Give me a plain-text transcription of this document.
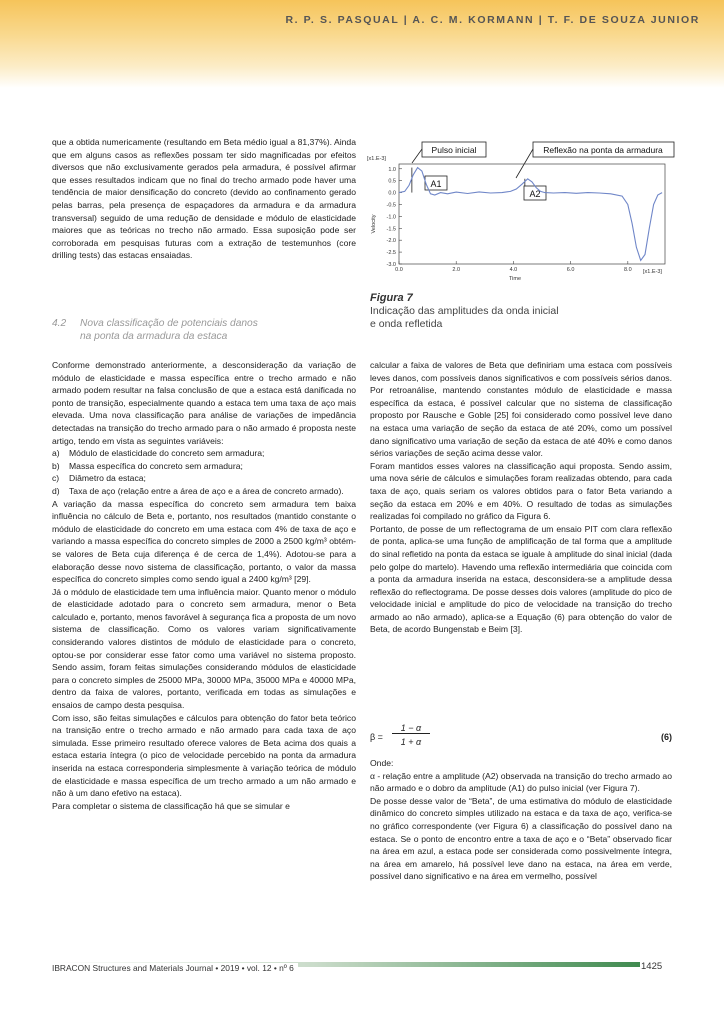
R. P. S. PASQUAL | A. C. M. KORMANN | T. F. DE SOUZA JUNIOR

que a obtida numericamente (resultando em Beta médio igual a 81,37%). Ainda que em alguns casos as reflexões possam ter sido magnificadas por efeitos diversos que não exclusivamente gerados pela armadura, é possível afirmar que esses resultados indicam que no final do trecho armado pode haver uma tendência de maior densificação do concreto (devido ao confinamento gerado pelas barras, pela presença de espaçadores da armadura e da armadura transversal) seguido de uma redução de densidade e módulo de elasticidade maiores que as teóricas no trecho não armado. Essa suposição pode ser corroborada em pesquisas futuras com a extração de testemunhos (core drilling tests) das estacas ensaiadas.

4.2 Nova classificação de potenciais danos
na ponta da armadura da estaca

Conforme demonstrado anteriormente, a desconsideração da variação de módulo de elasticidade e massa específica entre o trecho armado e não armado podem resultar na falsa conclusão de que a estaca está danificada no ponto de transição, especialmente quando a estaca tem uma taxa de aço mais elevada. Uma nova classificação para análise de variações de impedância detectadas na transição do trecho armado para o não armado é proposta neste artigo, tendo em vista as seguintes variáveis:

a)	Módulo de elasticidade do concreto sem armadura;
b)	Massa específica do concreto sem armadura;
c)	Diâmetro da estaca;
d)	Taxa de aço (relação entre a área de aço e a área de concreto armado).

A variação da massa específica do concreto sem armadura tem baixa influência no cálculo de Beta e, portanto, nos resultados (mantido constante o módulo de elasticidade do concreto em uma estaca com 4% de taxa de aço e variando a massa específica do concreto simples de 2000 a 2500 kg/m³ obtém-se valores de Beta cuja diferença é de cerca de 1,4%). Adotou-se para a elaboração desse novo sistema de classificação, portanto, o valor da massa específica do concreto simples como sendo igual a 2400 kg/m³ [29].

Já o módulo de elasticidade tem uma influência maior. Quanto menor o módulo de elasticidade adotado para o concreto sem armadura, menor o Beta calculado e, portanto, menos favorável à segurança fica a proposta de um novo sistema de classificação. Como os valores variam significativamente considerando valores distintos de módulo de elasticidade para o concreto, optou-se por considerar esse fator como uma variável no sistema proposto. Sendo assim, foram feitas simulações considerando módulos de elasticidade para o concreto simples de 25000 MPa, 30000 MPa, 35000 MPa e 40000 MPa, dentro da faixa de valores, portanto, verificada em todas as simulações e ensaios de campo desta pesquisa.

Com isso, são feitas simulações e cálculos para obtenção do fator beta teórico na transição entre o trecho armado e não armado para cada taxa de aço simulada. Esse primeiro resultado oferece valores de Beta acima dos quais a estaca estaria íntegra (o pico de velocidade percebido na ponta da armadura inserida na estaca corresponderia simplesmente à variação teórica de módulo de elasticidade e massa específica de um trecho armado a um não armado e não à um dano efetivo na estaca).

Para completar o sistema de classificação há que se simular e

Pulso inicial	Reflexão na ponta da armadura
[x1.E-3]
[x1.E-3]
Velocity
Time
A1
A2
1.0
0.5
0.0
-0.5
-1.0
-1.5
-2.0
-2.5
-3.0
0.0	2.0	4.0	6.0	8.0
Figura 7
Indicação das amplitudes da onda inicial
e onda refletida

calcular a faixa de valores de Beta que definiriam uma estaca com possíveis leves danos, com possíveis danos significativos e com possíveis sérios danos. Por retroanálise, mantendo constantes módulo de elasticidade e massa específica da estaca, é possível calcular que no sistema de classificação proposto por Rausche e Goble [25] foi considerado como possível leve dano na estaca uma variação de seção da estaca de até 20%, como um possível dano significativo uma variação de seção da estaca de até 40% e como danos sérios variações de seção acima desse valor.

Foram mantidos esses valores na classificação aqui proposta. Sendo assim, uma nova série de cálculos e simulações foram realizadas obtendo, para cada taxa de aço, quais seriam os valores obtidos para o fator Beta variando a seção da estaca em 20% e em 40%. O resultado de todas as simulações realizadas foi compilado no gráfico da Figura 6.

Portanto, de posse de um reflectograma de um ensaio PIT com clara reflexão de ponta, aplica-se uma função de amplificação de tal forma que a amplitude do sinal refletido na ponta da estaca se iguale à amplitude do sinal inicial (dada pelo golpe do martelo). Havendo uma reflexão intermediária que coincida com a ponta da armadura inserida na estaca, desconsidera-se a amplitude dessa reflexão do reflectograma. De posse desses dois valores (amplitude do pico de velocidade inicial e amplitude do pico de velocidade na transição do trecho armado ao não armado), aplica-se a Equação (6) para obtenção do valor de Beta, de acordo Bungenstab e Beim [3].

β =
1 − α
1 + α	(6)

Onde:

α - relação entre a amplitude (A2) observada na transição do trecho armado ao não armado e o dobro da amplitude (A1) do pulso inicial (ver Figura 7).

De posse desse valor de “Beta”, de uma estimativa do módulo de elasticidade dinâmico do concreto simples utilizado na estaca e da taxa de aço, verifica-se no gráfico correspondente (ver Figura 6) a classificação do possível dano na estaca. Se o ponto de encontro entre a taxa de aço e o “Beta” observado ficar na área em azul, a estaca pode ser considerada como possivelmente íntegra, na área em amarelo, há possível leve dano na estaca, na área em verde, possível dano significativo e na área em vermelho, possível

IBRACON Structures and Materials Journal • 2019 • vol. 12 • nº 6	1425
